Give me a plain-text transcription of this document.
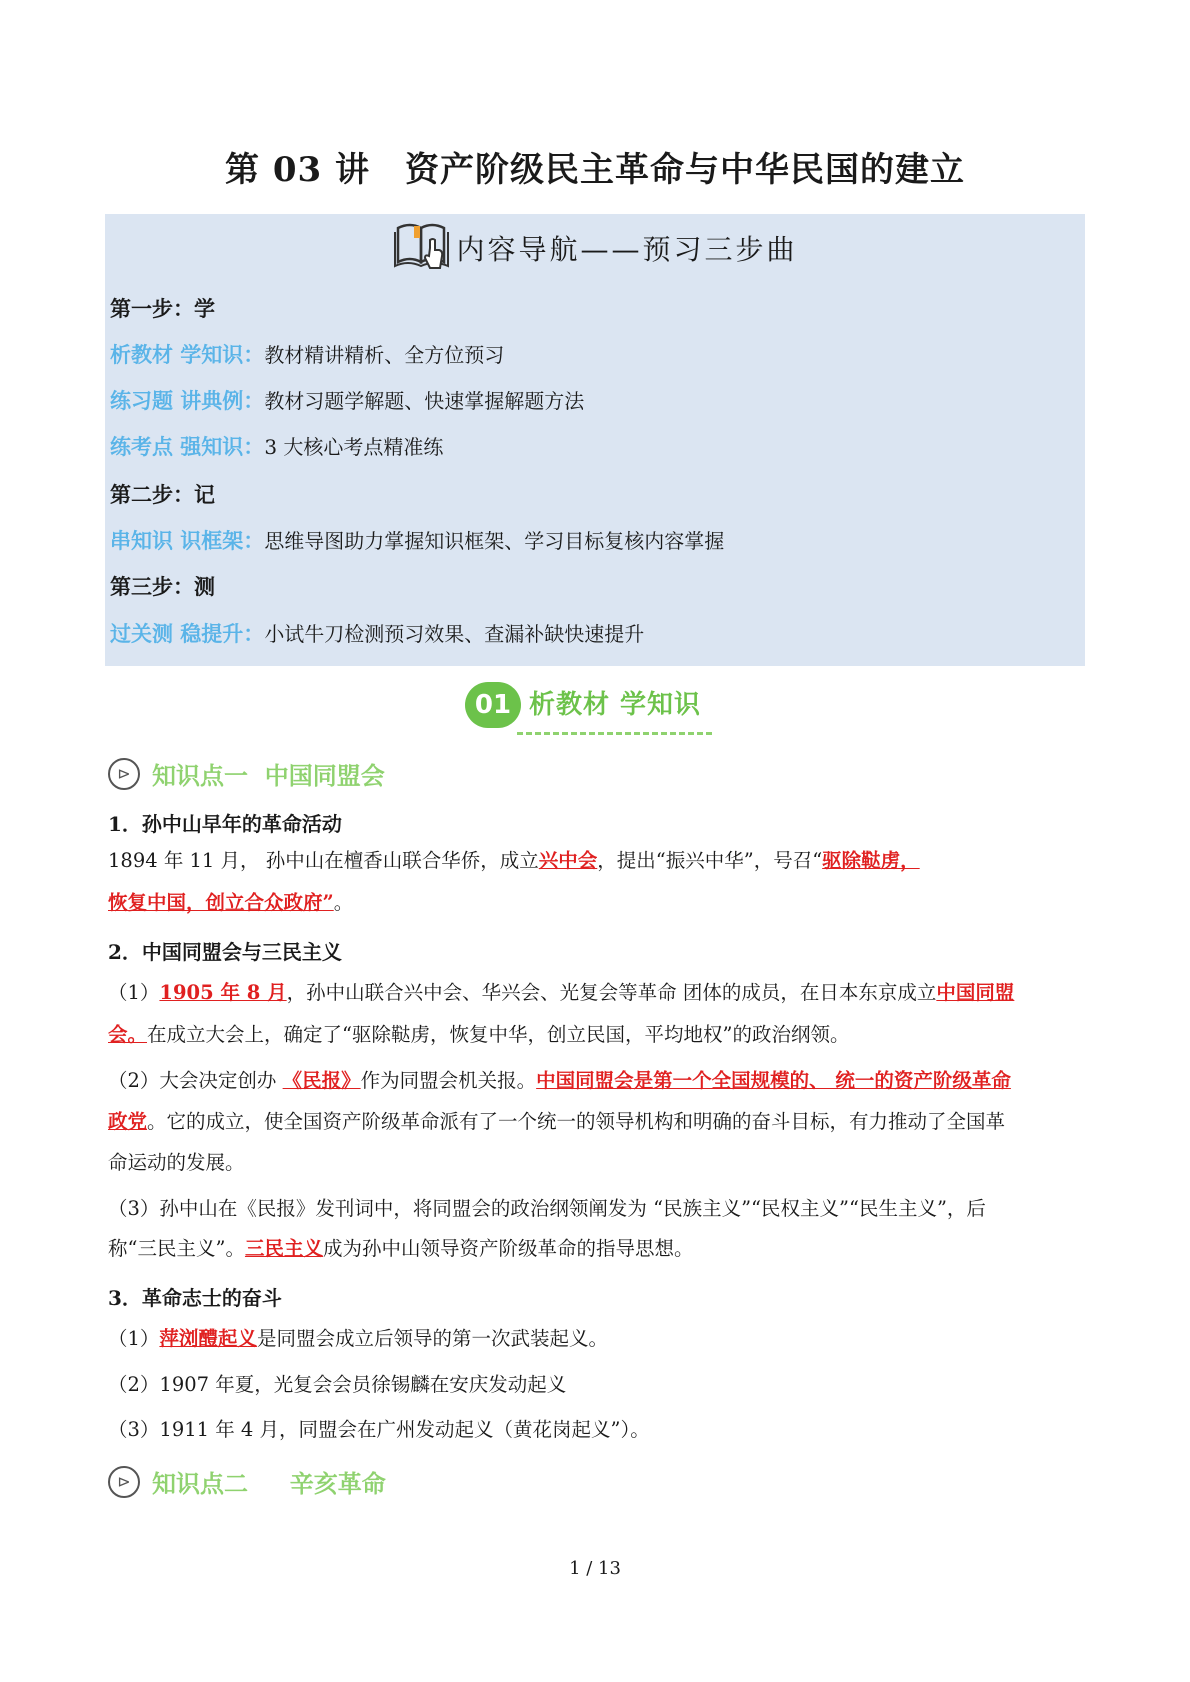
第 03 讲　资产阶级民主革命与中华民国的建立
内容导航——预习三步曲
第一步：学
析教材 学知识：教材精讲精析、全方位预习
练习题 讲典例：教材习题学解题、快速掌握解题方法
练考点 强知识：3 大核心考点精准练
第二步：记
串知识 识框架：思维导图助力掌握知识框架、学习目标复核内容掌握
第三步：测
过关测 稳提升：小试牛刀检测预习效果、查漏补缺快速提升
01 析教材 学知识
⊳ 知识点一  中国同盟会
1．孙中山早年的革命活动
1894 年 11 月， 孙中山在檀香山联合华侨，成立兴中会，提出“振兴中华”，号召“驱除鞑虏，
恢复中国，创立合众政府”。
2．中国同盟会与三民主义
（1）1905 年 8 月，孙中山联合兴中会、华兴会、光复会等革命 团体的成员，在日本东京成立中国同盟
会。在成立大会上，确定了“驱除鞑虏，恢复中华，创立民国，平均地权”的政治纲领。
（2）大会决定创办 《民报》作为同盟会机关报。中国同盟会是第一个全国规模的、 统一的资产阶级革命
政党。它的成立，使全国资产阶级革命派有了一个统一的领导机构和明确的奋斗目标，有力推动了全国革
命运动的发展。
（3）孙中山在《民报》发刊词中，将同盟会的政治纲领阐发为 “民族主义”“民权主义”“民生主义”，后
称“三民主义”。三民主义成为孙中山领导资产阶级革命的指导思想。
3．革命志士的奋斗
（1）萍浏醴起义是同盟会成立后领导的第一次武装起义。
（2）1907 年夏，光复会会员徐锡麟在安庆发动起义
（3）1911 年 4 月，同盟会在广州发动起义（黄花岗起义”）。
⊳ 知识点二     辛亥革命
1 / 13
